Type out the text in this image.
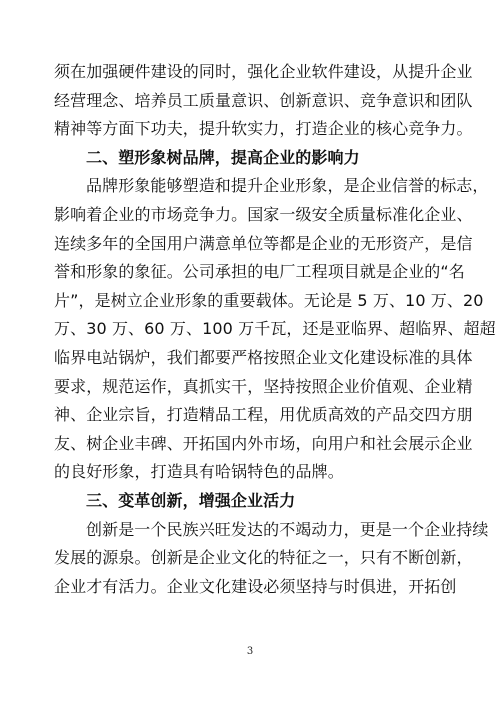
须在加强硬件建设的同时，强化企业软件建设，从提升企业
经营理念、培养员工质量意识、创新意识、竞争意识和团队
精神等方面下功夫，提升软实力，打造企业的核心竞争力。
二、塑形象树品牌，提高企业的影响力
品牌形象能够塑造和提升企业形象，是企业信誉的标志，
影响着企业的市场竞争力。国家一级安全质量标准化企业、
连续多年的全国用户满意单位等都是企业的无形资产，是信
誉和形象的象征。公司承担的电厂工程项目就是企业的“名
片”，是树立企业形象的重要载体。无论是 5 万、10 万、20
万、30 万、60 万、100 万千瓦，还是亚临界、超临界、超超
临界电站锅炉，我们都要严格按照企业文化建设标准的具体
要求，规范运作，真抓实干，坚持按照企业价值观、企业精
神、企业宗旨，打造精品工程，用优质高效的产品交四方朋
友、树企业丰碑、开拓国内外市场，向用户和社会展示企业
的良好形象，打造具有哈锅特色的品牌。
三、变革创新，增强企业活力
创新是一个民族兴旺发达的不竭动力，更是一个企业持续
发展的源泉。创新是企业文化的特征之一，只有不断创新，
企业才有活力。企业文化建设必须坚持与时俱进，开拓创
3
